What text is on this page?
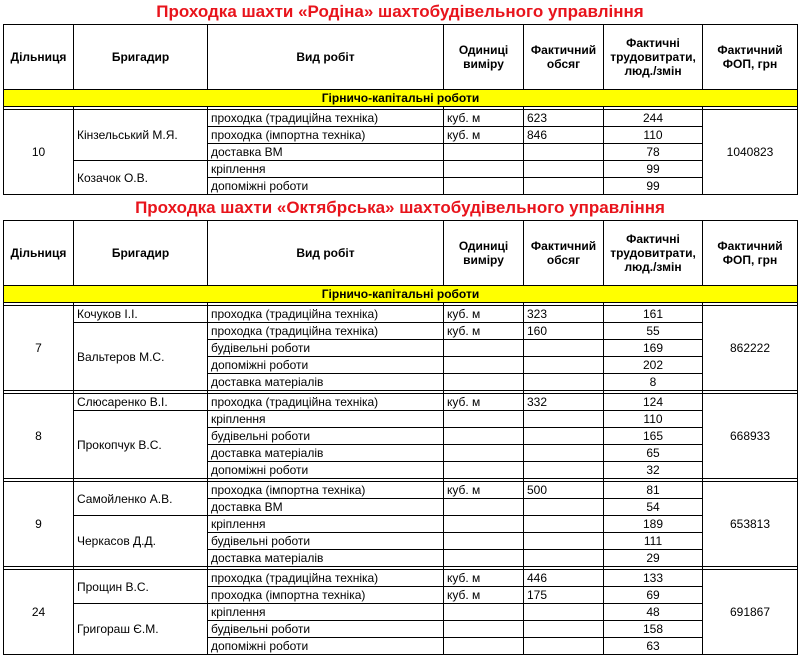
Проходка шахти «Родіна» шахтобудівельного управління
Дільниця	Бригадир	Вид робіт	Одиниці виміру	Фактичний обсяг	Фактичні трудовитрати, люд./змін	Фактичний ФОП, грн
Гірничо-капітальні роботи						

10	Кінзельський М.Я.	проходка (традиційна техніка)	куб. м	623	244	1040823
		проходка (імпортна техніка)	куб. м	846	110	
		доставка ВМ			78	
	Козачок О.В.	кріплення			99	
		допоміжні роботи			99	
Проходка шахти «Октябрська» шахтобудівельного управління
Дільниця	Бригадир	Вид робіт	Одиниці виміру	Фактичний обсяг	Фактичні трудовитрати, люд./змін	Фактичний ФОП, грн
Гірничо-капітальні роботи						

7	Кочуков І.І.	проходка (традиційна техніка)	куб. м	323	161	862222
	Вальтеров М.С.	проходка (традиційна техніка)	куб. м	160	55	
		будівельні роботи			169	
		допоміжні роботи			202	
		доставка матеріалів			8	

8	Слюсаренко В.І.	проходка (традиційна техніка)	куб. м	332	124	668933
	Прокопчук В.С.	кріплення			110	
		будівельні роботи			165	
		доставка матеріалів			65	
		допоміжні роботи			32	

9	Самойленко А.В.	проходка (імпортна техніка)	куб. м	500	81	653813
		доставка ВМ			54	
	Черкасов Д.Д.	кріплення			189	
		будівельні роботи			111	
		доставка матеріалів			29	

24	Прощин В.С.	проходка (традиційна техніка)	куб. м	446	133	691867
		проходка (імпортна техніка)	куб. м	175	69	
	Григораш Є.М.	кріплення			48	
		будівельні роботи			158	
		допоміжні роботи			63	
